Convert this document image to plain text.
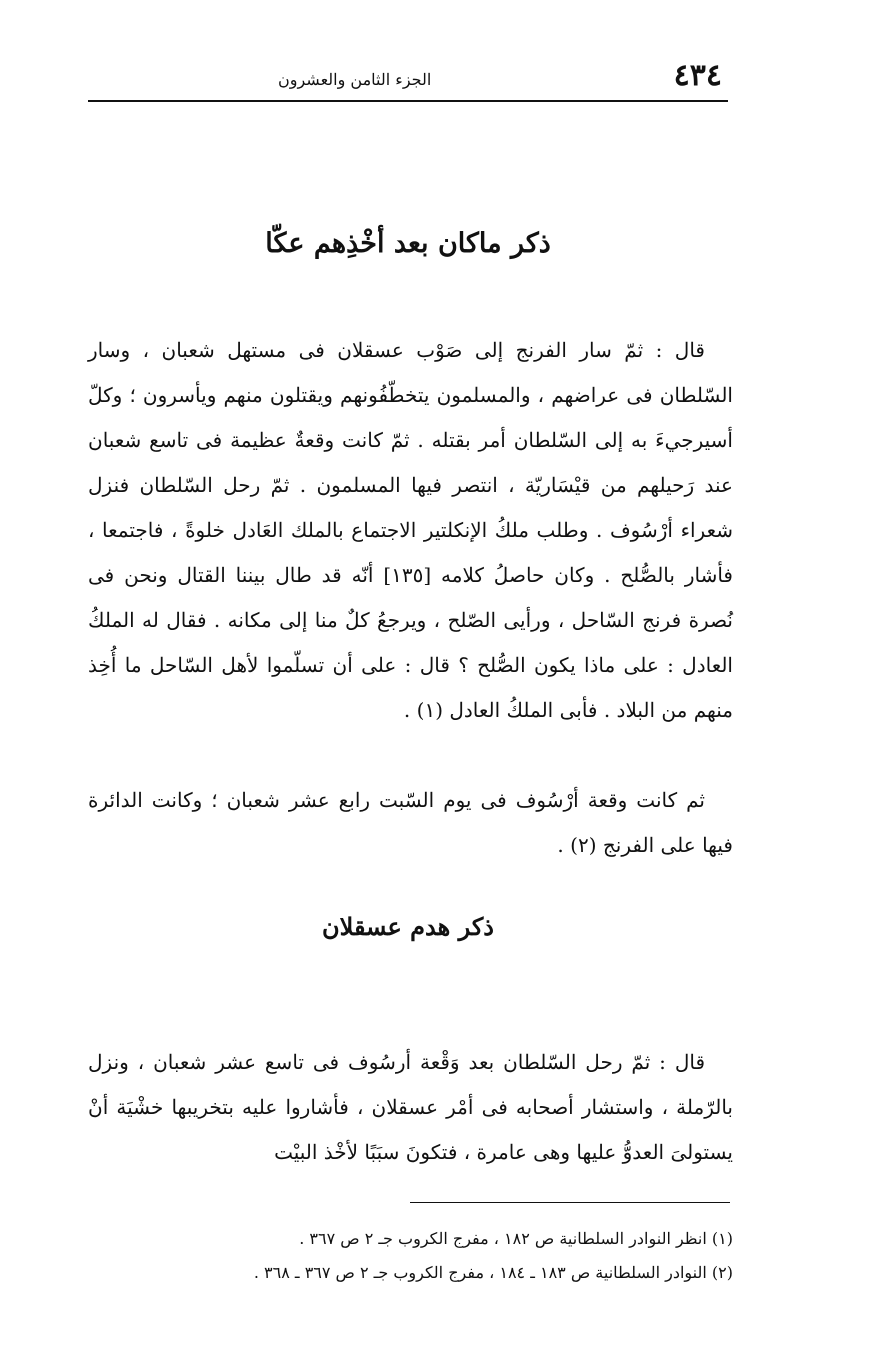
٤٣٤
الجزء الثامن والعشرون
ذكر ماكان بعد أخْذِهم عكّا

قال : ثمّ سار الفرنج إلى صَوْب عسقلان فى مستهل شعبان ، وسار السّلطان فى عراضهم ، والمسلمون يتخطّفُونهم ويقتلون منهم ويأسرون ؛ وكلّ أسيرجيءَ به إلى السّلطان أمر بقتله . ثمّ كانت وقعةٌ عظيمة فى تاسع شعبان عند رَحيلهم من قيْسَاريّة ، انتصر فيها المسلمون . ثمّ رحل السّلطان فنزل شعراء أرْسُوف . وطلب ملكُ الإنكلتير الاجتماع بالملك العَادل خلوةً ، فاجتمعا ، فأشار بالصُّلح . وكان حاصلُ كلامه [١٣٥] أنّه قد طال بيننا القتال ونحن فى نُصرة فرنج السّاحل ، ورأيى الصّلح ، ويرجعُ كلٌ منا إلى مكانه . فقال له الملكُ العادل : على ماذا يكون الصُّلح ؟ قال : على أن تسلّموا لأهل السّاحل ما أُخِذ منهم من البلاد . فأبى الملكُ العادل (١) .

ثم كانت وقعة أرْسُوف فى يوم السّبت رابع عشر شعبان ؛ وكانت الدائرة فيها على الفرنج (٢) .

ذكر هدم عسقلان

قال : ثمّ رحل السّلطان بعد وَقْعة أرسُوف فى تاسع عشر شعبان ، ونزل بالرّملة ، واستشار أصحابه فى أمْر عسقلان ، فأشاروا عليه بتخريبها خشْيَة أنْ يستولىَ العدوُّ عليها وهى عامرة ، فتكونَ سبَبًا لأخْذ البيْت

(١) انظر النوادر السلطانية ص ١٨٢ ، مفرج الكروب جـ ٢ ص ٣٦٧ .

(٢) النوادر السلطانية ص ١٨٣ ـ ١٨٤ ، مفرج الكروب جـ ٢ ص ٣٦٧ ـ ٣٦٨ .
